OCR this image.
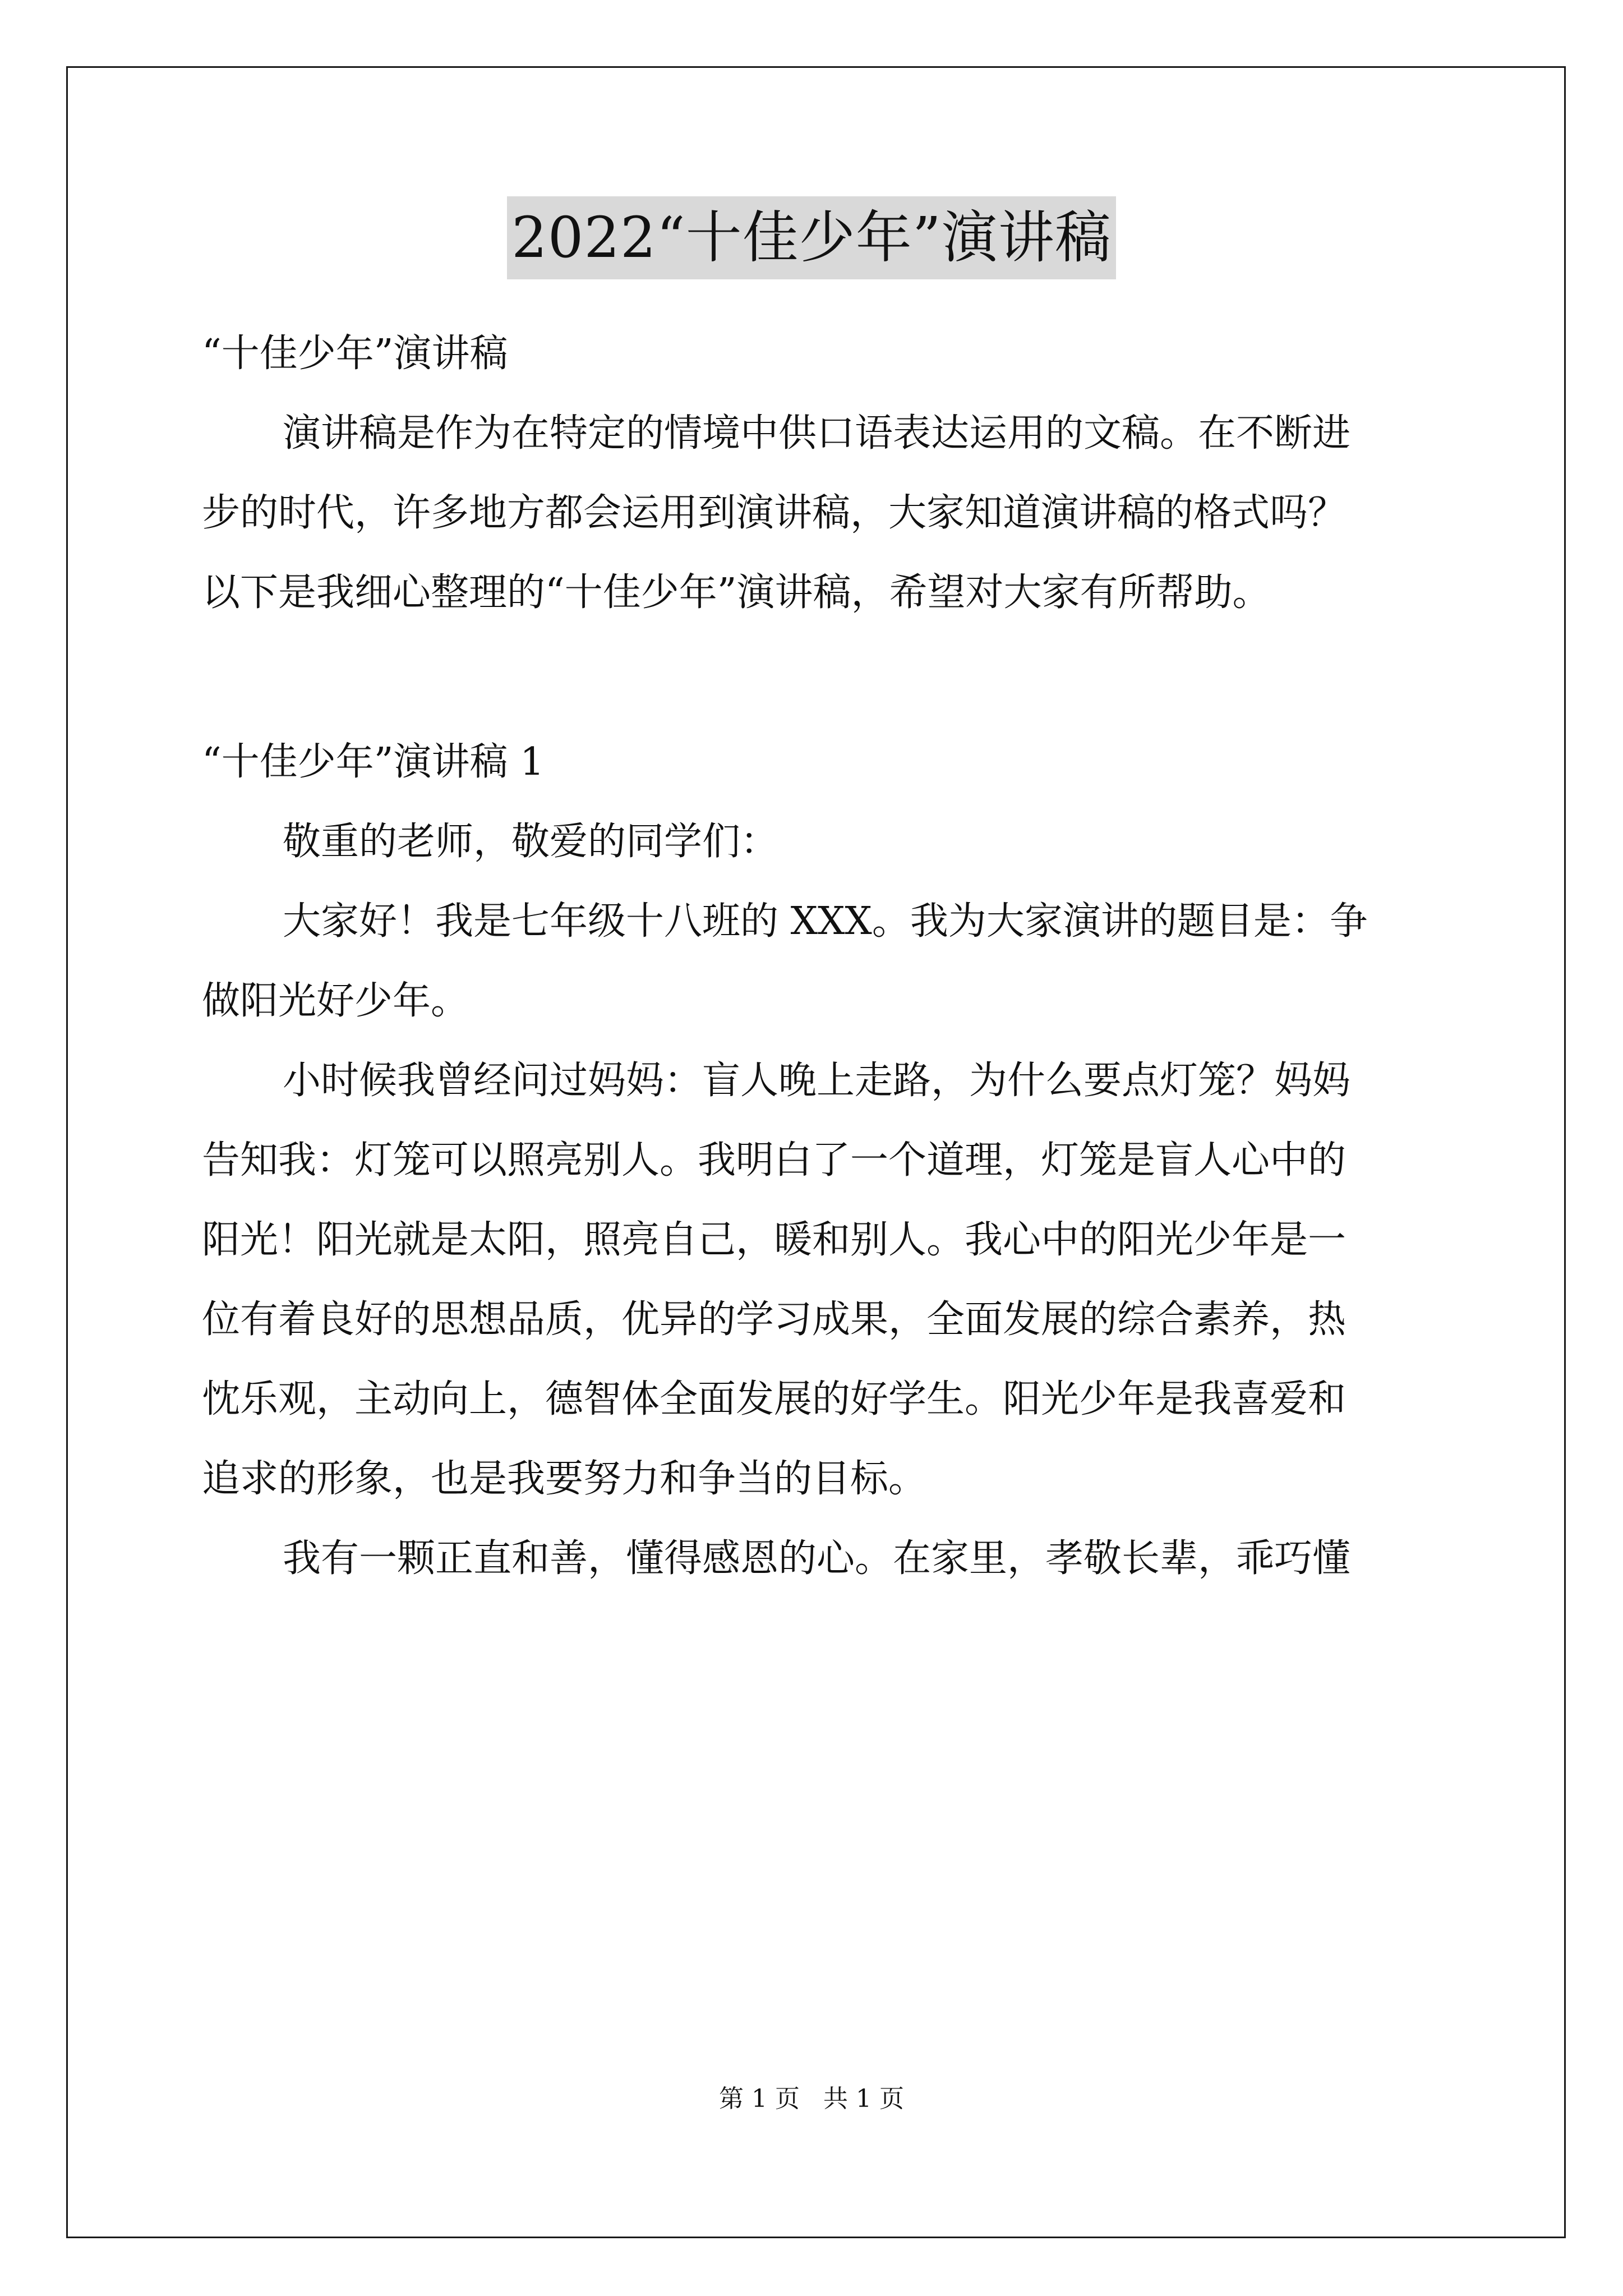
2022“十佳少年”演讲稿
“十佳少年”演讲稿
演讲稿是作为在特定的情境中供口语表达运用的文稿。在不断进
步的时代，许多地方都会运用到演讲稿，大家知道演讲稿的格式吗？
以下是我细心整理的“十佳少年”演讲稿，希望对大家有所帮助。
“十佳少年”演讲稿 1
敬重的老师，敬爱的同学们：
大家好！我是七年级十八班的 XXX。我为大家演讲的题目是：争
做阳光好少年。
小时候我曾经问过妈妈：盲人晚上走路，为什么要点灯笼？妈妈
告知我：灯笼可以照亮别人。我明白了一个道理，灯笼是盲人心中的
阳光！阳光就是太阳，照亮自己，暖和别人。我心中的阳光少年是一
位有着良好的思想品质，优异的学习成果，全面发展的综合素养，热
忱乐观，主动向上，德智体全面发展的好学生。阳光少年是我喜爱和
追求的形象，也是我要努力和争当的目标。
我有一颗正直和善，懂得感恩的心。在家里，孝敬长辈，乖巧懂
第 1 页   共 1 页
